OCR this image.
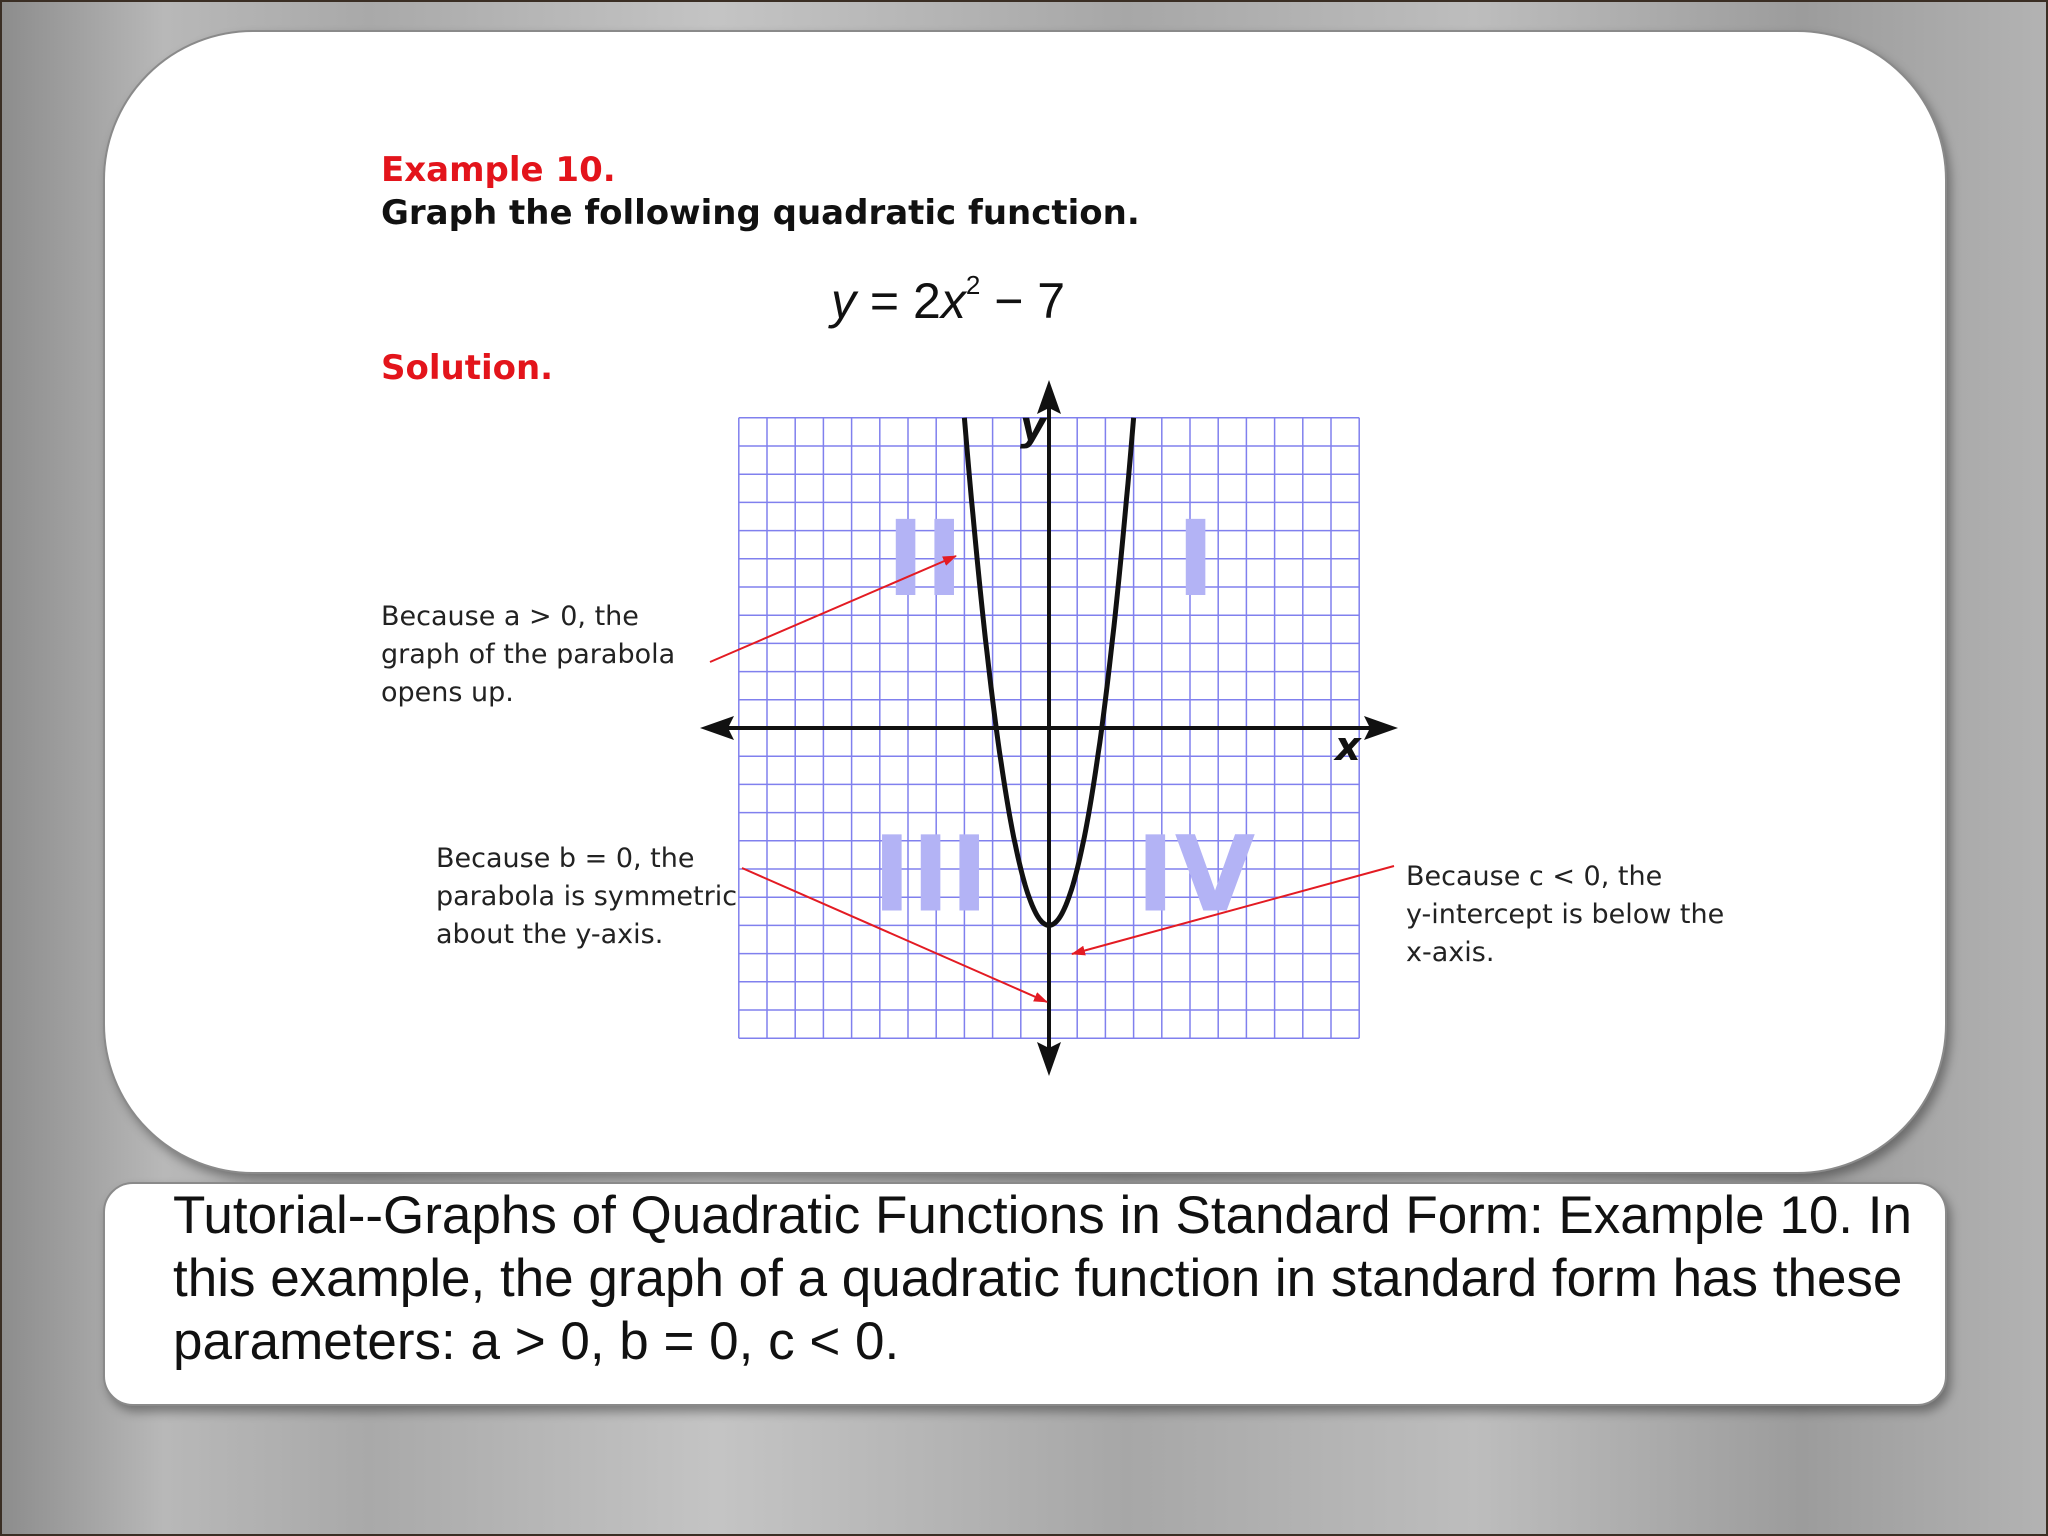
Example 10.

Graph the following quadratic function.

$y = 2x^2 - 7$

Solution.

I
II
III IV
y
x
Because a > 0, the
graph of the parabola
opens up.
Because b = 0, the
parabola is symmetric
about the y-axis.
Because c < 0, the
y-intercept is below the
x-axis.

Tutorial--Graphs of Quadratic Functions in Standard Form: Example 10. In this example, the graph of a quadratic function in standard form has these parameters: a > 0, b = 0, c < 0.
